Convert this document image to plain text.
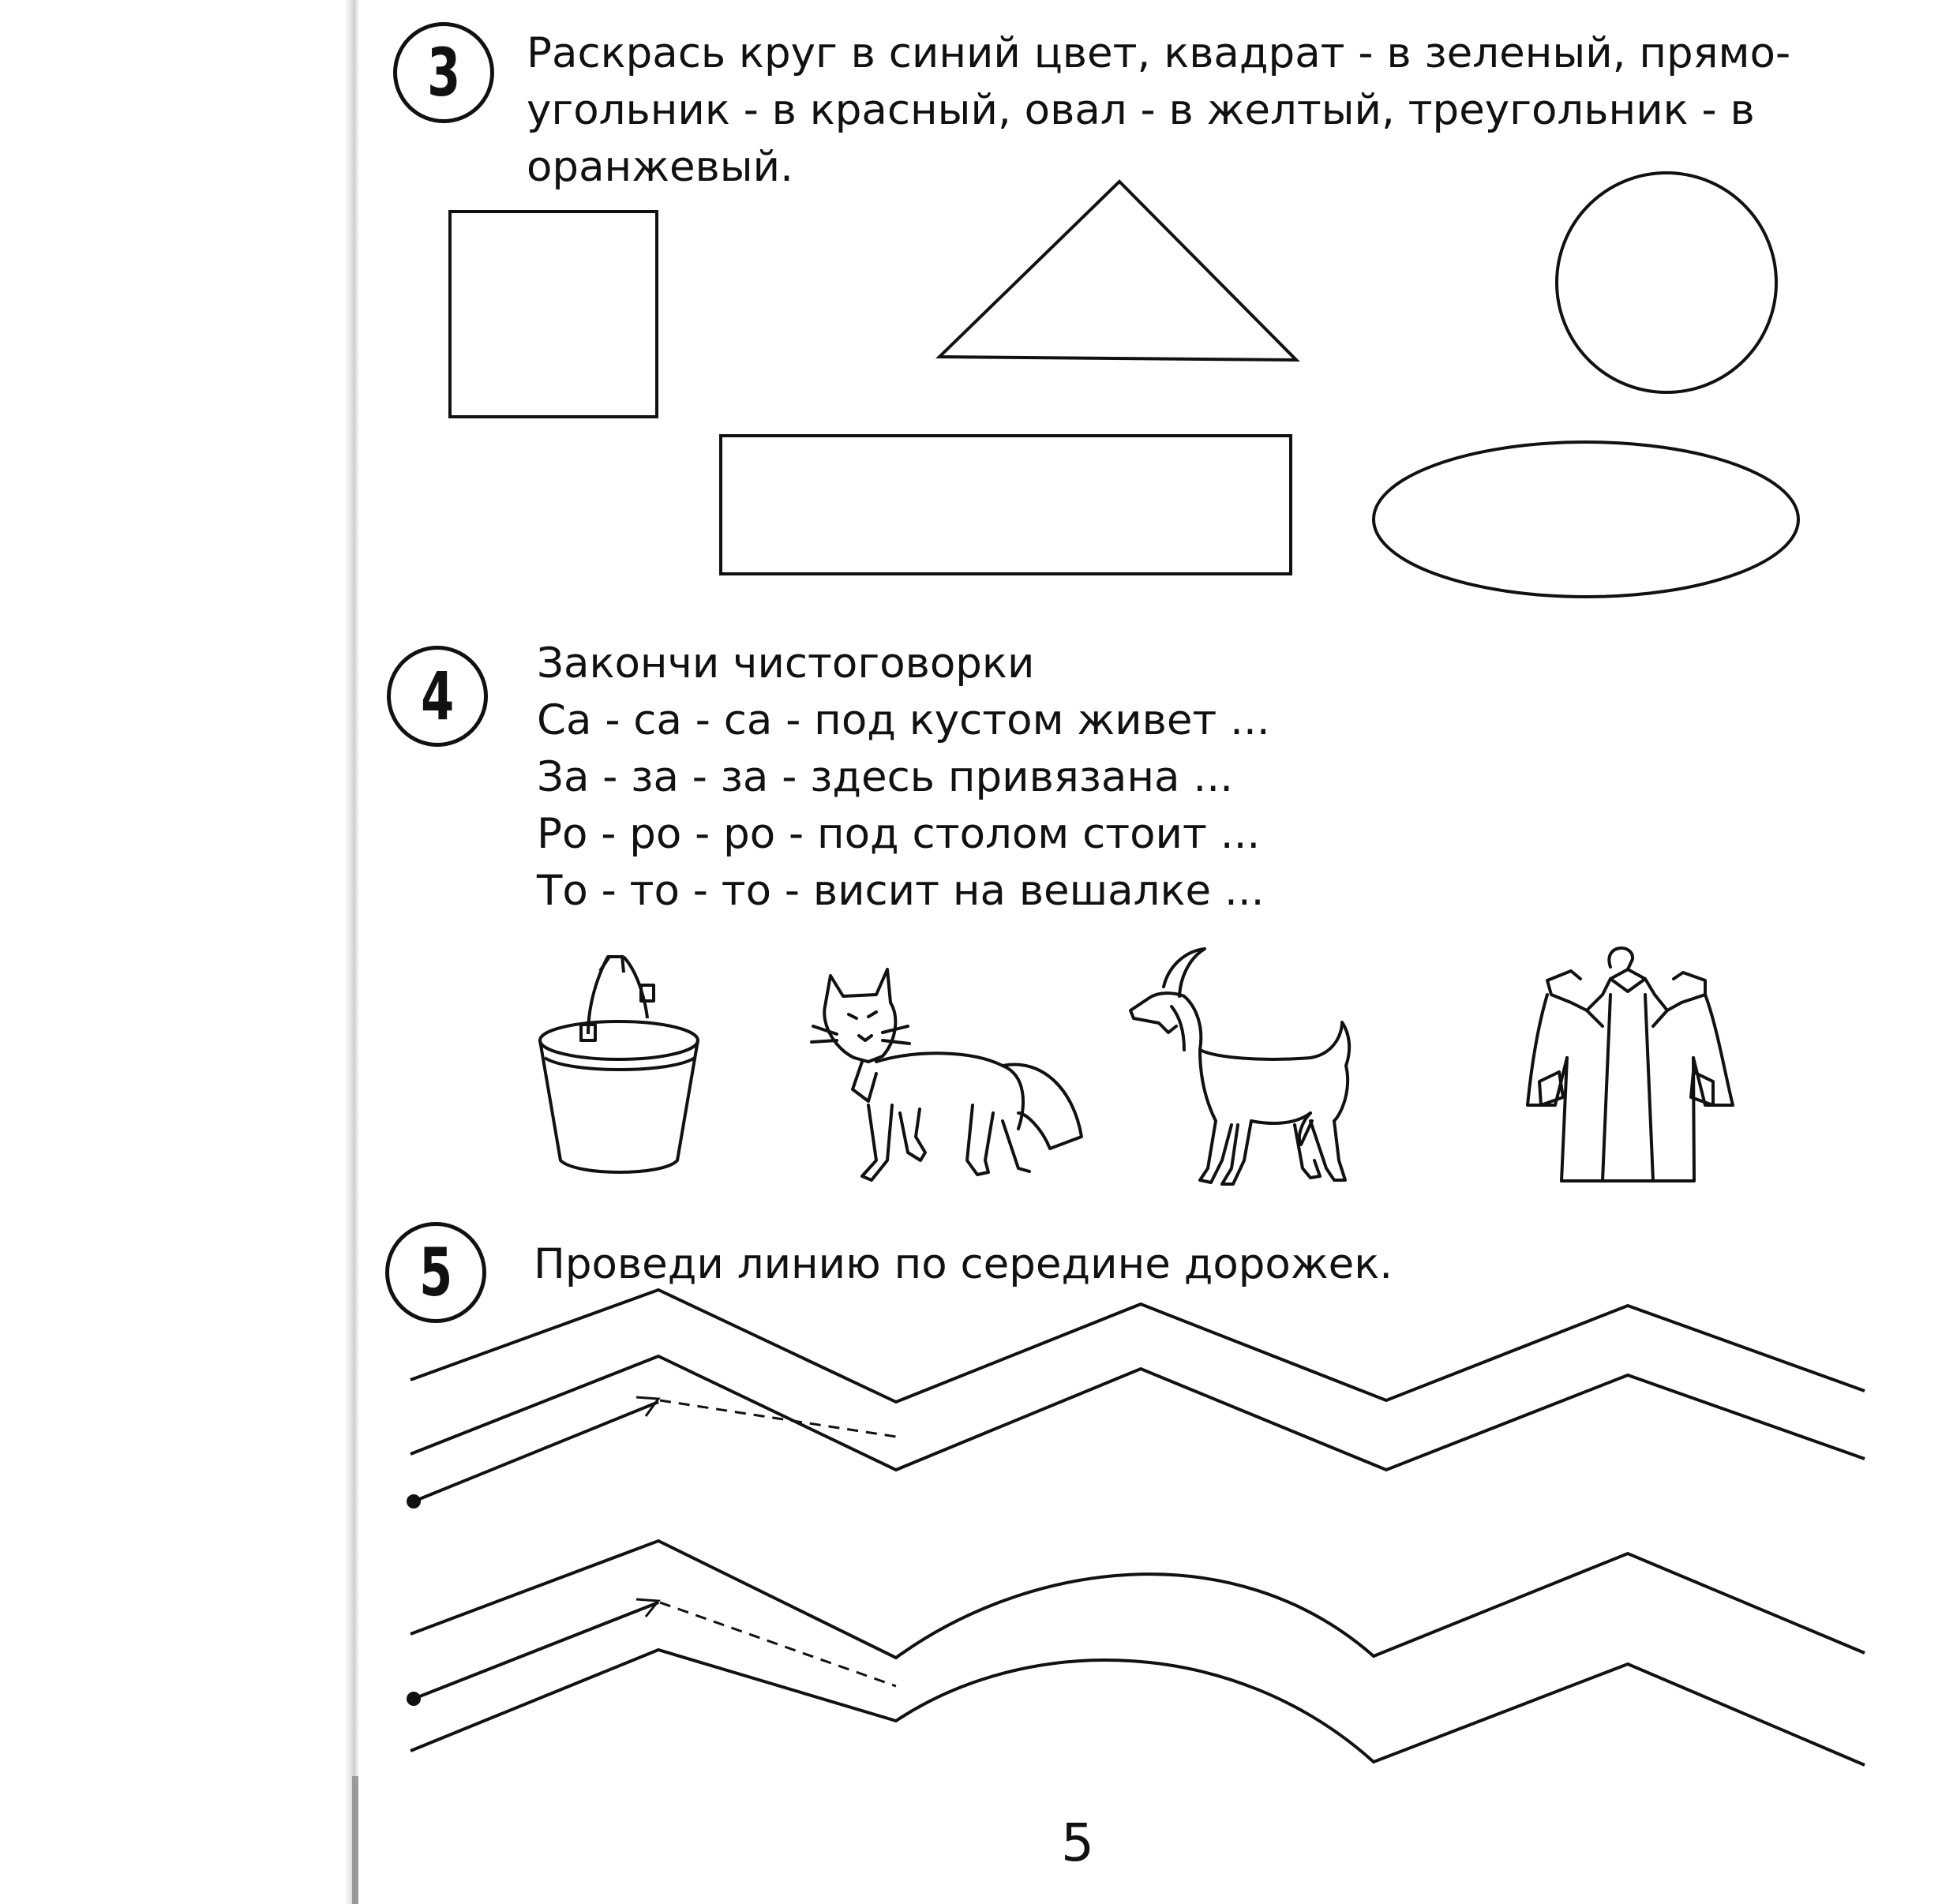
3 Раскрась круг в синий цвет, квадрат - в зеленый, прямо-
угольник - в красный, овал - в желтый, треугольник - в
оранжевый.
4 Закончи чистоговорки
Са - са - са - под кустом живет ...
За - за - за - здесь привязана ...
Ро - ро - ро - под столом стоит ...
То - то - то - висит на вешалке ...
5 Проведи линию по середине дорожек.
5
